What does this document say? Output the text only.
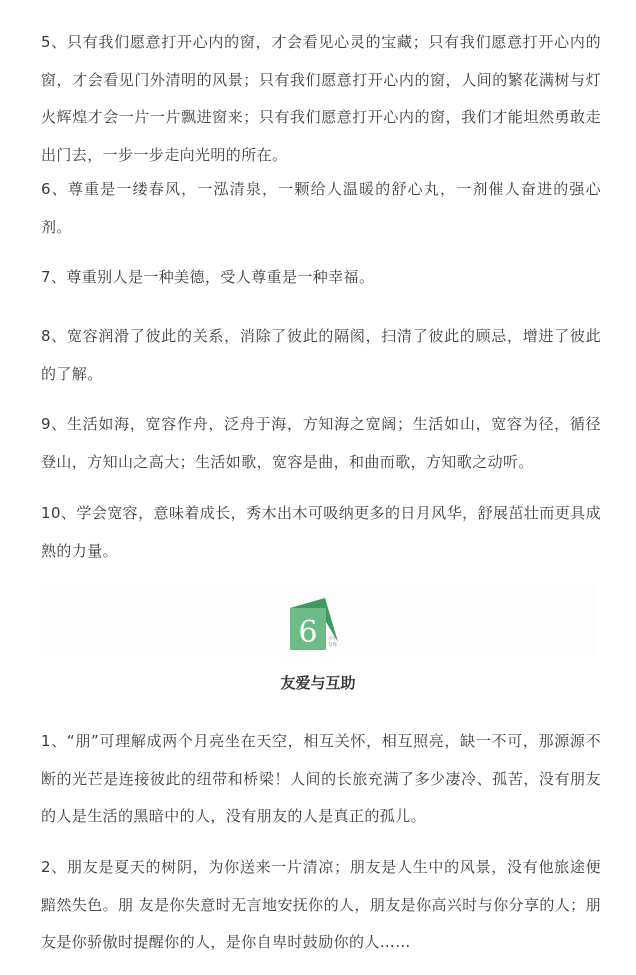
5、只有我们愿意打开心内的窗，才会看见心灵的宝藏；只有我们愿意打开心内的窗，才会看见门外清明的风景；只有我们愿意打开心内的窗，人间的繁花满树与灯火辉煌才会一片一片飘进窗来；只有我们愿意打开心内的窗，我们才能坦然勇敢走出门去，一步一步走向光明的所在。

6、尊重是一缕春风，一泓清泉，一颗给人温暖的舒心丸，一剂催人奋进的强心剂。

7、尊重别人是一种美德，受人尊重是一种幸福。

8、宽容润滑了彼此的关系，消除了彼此的隔阂，扫清了彼此的顾忌，增进了彼此的了解。

9、生活如海，宽容作舟，泛舟于海，方知海之宽阔；生活如山，宽容为径，循径登山，方知山之高大；生活如歌，宽容是曲，和曲而歌，方知歌之动听。

10、学会宽容，意味着成长，秀木出木可吸纳更多的日月风华，舒展茁壮而更具成熟的力量。

6 小学
写作
友爱与互助

1、“朋”可理解成两个月亮坐在天空，相互关怀，相互照亮，缺一不可，那源源不断的光芒是连接彼此的纽带和桥梁！人间的长旅充满了多少凄冷、孤苦，没有朋友的人是生活的黑暗中的人，没有朋友的人是真正的孤儿。

2、朋友是夏天的树阴，为你送来一片清凉；朋友是人生中的风景，没有他旅途便黯然失色。朋 友是你失意时无言地安抚你的人，朋友是你高兴时与你分享的人；朋友是你骄傲时提醒你的人，是你自卑时鼓励你的人……
